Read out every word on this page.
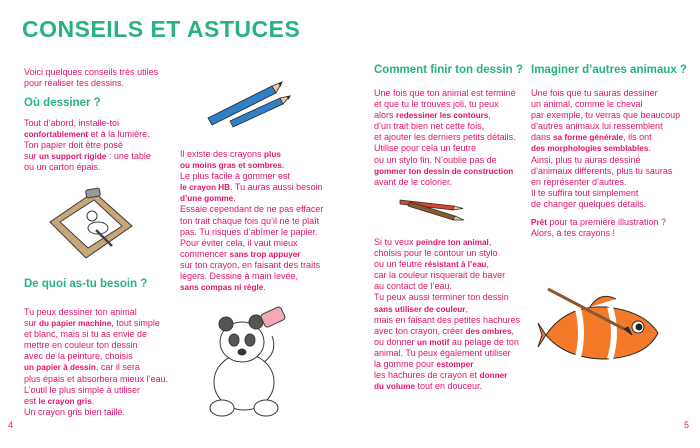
CONSEILS ET ASTUCES
Voici quelques conseils très utiles
pour réaliser tes dessins.
Où dessiner ?
Tout d’abord, installe-toi
confortablement et à la lumière.
Ton papier doit être posé
sur un support rigide : une table
ou un carton épais.
De quoi as-tu besoin ?
Tu peux dessiner ton animal
sur du papier machine, tout simple
et blanc, mais si tu as envie de
mettre en couleur ton dessin
avec de la peinture, choisis
un papier à dessin, car il sera
plus épais et absorbera mieux l’eau.
L’outil le plus simple à utiliser
est le crayon gris.
Un crayon gris bien taillé.
Il existe des crayons plus
ou moins gras et sombres.
Le plus facile à gommer est
le crayon HB. Tu auras aussi besoin
d’une gomme.
Essaie cependant de ne pas effacer
ton trait chaque fois qu’il ne te plaît
pas. Tu risques d’abîmer le papier.
Pour éviter cela, il vaut mieux
commencer sans trop appuyer
sur ton crayon, en faisant des traits
légers. Dessine à main levée,
sans compas ni règle.
Comment finir ton dessin ?
Une fois que ton animal est terminé
et que tu le trouves joli, tu peux
alors redessiner les contours,
d’un trait bien net cette fois,
et ajouter les derniers petits détails.
Utilise pour cela un feutre
ou un stylo fin. N’oublie pas de
gommer ton dessin de construction
avant de le colorier.
Si tu veux peindre ton animal,
choisis pour le contour un stylo
ou un feutre résistant à l’eau,
car la couleur risquerait de baver
au contact de l’eau.
Tu peux aussi terminer ton dessin
sans utiliser de couleur,
mais en faisant des petites hachures
avec ton crayon, créer des ombres,
ou donner un motif au pelage de ton
animal. Tu peux également utiliser
la gomme pour estomper
les hachures de crayon et donner
du volume tout en douceur.
Imaginer d’autres animaux ?
Une fois que tu sauras dessiner
un animal, comme le cheval
par exemple, tu verras que beaucoup
d’autres animaux lui ressemblent
dans sa forme générale, ils ont
des morphologies semblables.
Ainsi, plus tu auras dessiné
d’animaux différents, plus tu sauras
en représenter d’autres.
Il te suffira tout simplement
de changer quelques détails.
Prêt pour ta première illustration ?
Alors, à tes crayons !
4	5
